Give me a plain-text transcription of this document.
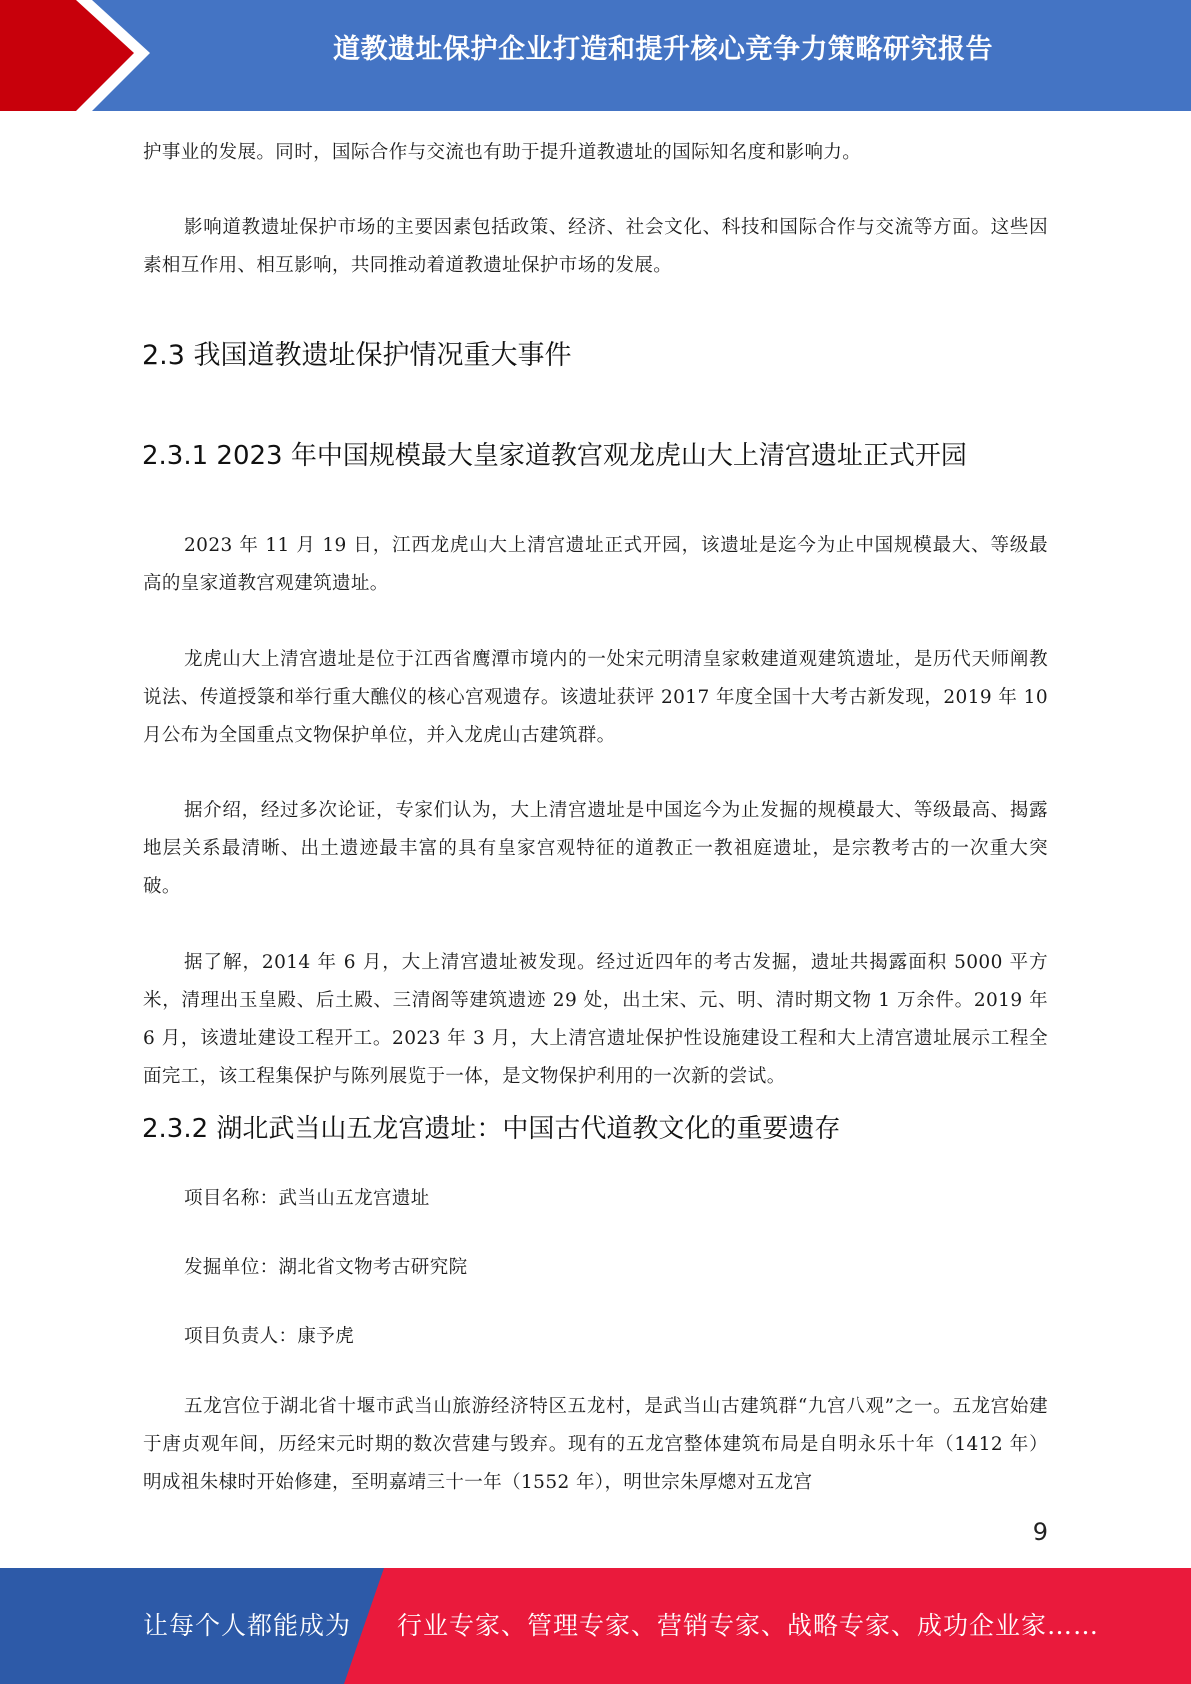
道教遗址保护企业打造和提升核心竞争力策略研究报告

护事业的发展。同时，国际合作与交流也有助于提升道教遗址的国际知名度和影响力。

影响道教遗址保护市场的主要因素包括政策、经济、社会文化、科技和国际合作与交流等方面。这些因素相互作用、相互影响，共同推动着道教遗址保护市场的发展。

2.3 我国道教遗址保护情况重大事件
2.3.1 2023 年中国规模最大皇家道教宫观龙虎山大上清宫遗址正式开园

2023 年 11 月 19 日，江西龙虎山大上清宫遗址正式开园，该遗址是迄今为止中国规模最大、等级最高的皇家道教宫观建筑遗址。

龙虎山大上清宫遗址是位于江西省鹰潭市境内的一处宋元明清皇家敕建道观建筑遗址，是历代天师阐教说法、传道授箓和举行重大醮仪的核心宫观遗存。该遗址获评 2017 年度全国十大考古新发现，2019 年 10 月公布为全国重点文物保护单位，并入龙虎山古建筑群。

据介绍，经过多次论证，专家们认为，大上清宫遗址是中国迄今为止发掘的规模最大、等级最高、揭露地层关系最清晰、出土遗迹最丰富的具有皇家宫观特征的道教正一教祖庭遗址，是宗教考古的一次重大突破。

据了解，2014 年 6 月，大上清宫遗址被发现。经过近四年的考古发掘，遗址共揭露面积 5000 平方米，清理出玉皇殿、后土殿、三清阁等建筑遗迹 29 处，出土宋、元、明、清时期文物 1 万余件。2019 年 6 月，该遗址建设工程开工。2023 年 3 月，大上清宫遗址保护性设施建设工程和大上清宫遗址展示工程全面完工，该工程集保护与陈列展览于一体，是文物保护利用的一次新的尝试。

2.3.2 湖北武当山五龙宫遗址：中国古代道教文化的重要遗存

项目名称：武当山五龙宫遗址

发掘单位：湖北省文物考古研究院

项目负责人：康予虎

五龙宫位于湖北省十堰市武当山旅游经济特区五龙村，是武当山古建筑群“九宫八观”之一。五龙宫始建于唐贞观年间，历经宋元时期的数次营建与毁弃。现有的五龙宫整体建筑布局是自明永乐十年（1412 年）明成祖朱棣时开始修建，至明嘉靖三十一年（1552 年），明世宗朱厚熜对五龙宫

9
让每个人都能成为 行业专家、管理专家、营销专家、战略专家、成功企业家……
